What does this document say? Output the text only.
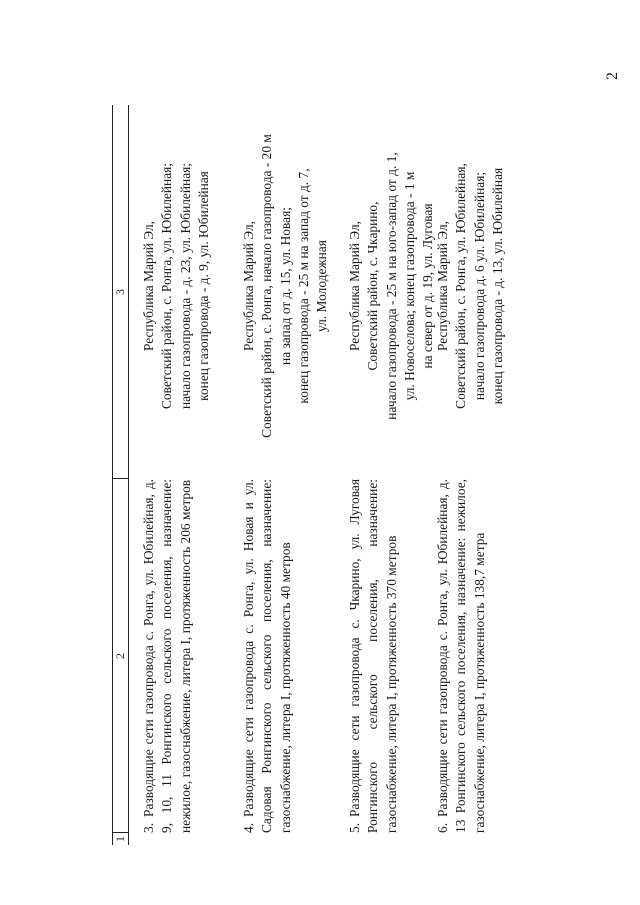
2
1
2
3

3.Разводящие сети газопровода с. Ронга, ул. Юбилейная, д. 9, 10, 11 Ронгинского сельского поселения, назначение: нежилое, газоснабжение, литера I, протяженность 206 метров

Республика Марий Эл, Советский район, с. Ронга, ул. Юбилейная; начало газопровода - д. 23, ул. Юбилейная; конец газопровода - д. 9, ул. Юбилейная

4.Разводящие сети газопровода с. Ронга, ул. Новая и ул. Садовая Ронгинского сельского поселения, назначение: газоснабжение, литера I, протяженность 40 метров

Республика Марий Эл, Советский район, с. Ронга, начало газопровода - 20 м на запад от д. 15, ул. Новая; конец газопровода - 25 м на запад от д. 7, ул. Молодежная

5.Разводящие сети газопровода с. Чкарино, ул. Луговая Ронгинского сельского поселения, назначение: газоснабжение, литера I, протяженность 370 метров

Республика Марий Эл, Советский район, с. Чкарино, начало газопровода - 25 м на юго-запад от д. 1, ул. Новоселова; конец газопровода - 1 м на север от д. 19, ул. Луговая

6.Разводящие сети газопровода с. Ронга, ул. Юбилейная, д. 13 Ронгинского сельского поселения, назначение: нежилое, газоснабжение, литера I, протяженность 138,7 метра

Республика Марий Эл, Советский район, с. Ронга, ул. Юбилейная, начало газопровода д. 6 ул. Юбилейная; конец газопровода - д. 13, ул. Юбилейная
